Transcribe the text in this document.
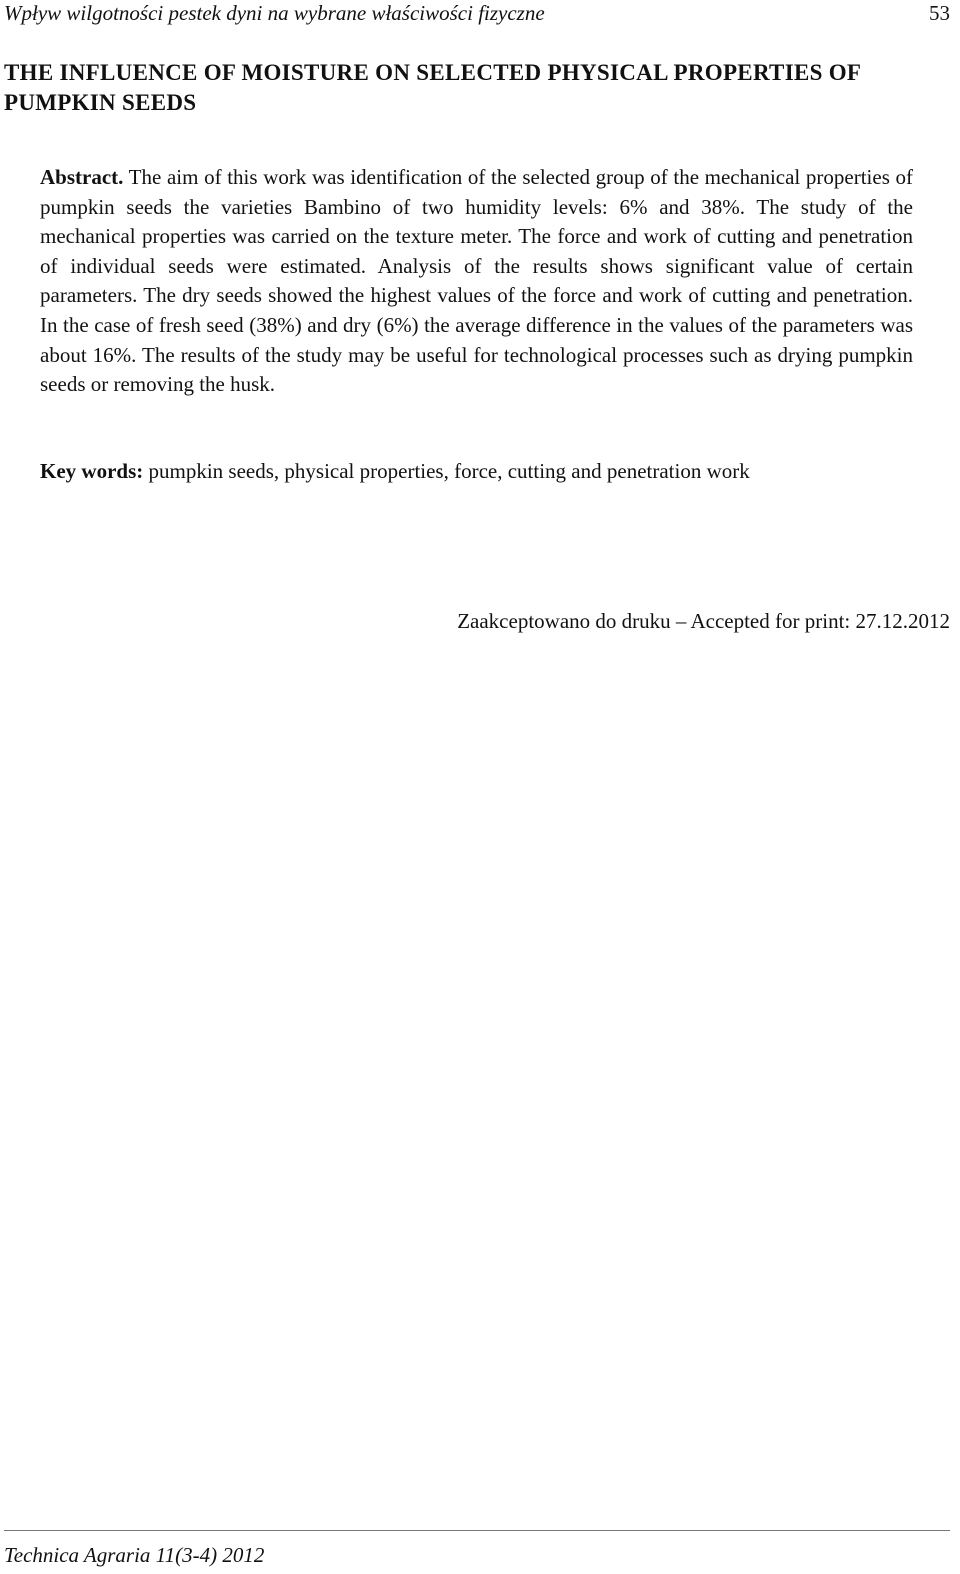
Wpływ wilgotności pestek dyni na wybrane właściwości fizyczne	53
THE INFLUENCE OF MOISTURE ON SELECTED PHYSICAL PROPERTIES OF PUMPKIN SEEDS

Abstract. The aim of this work was identification of the selected group of the mechanical properties of pumpkin seeds the varieties Bambino of two humidity levels: 6% and 38%. The study of the mechanical properties was carried on the texture meter. The force and work of cutting and penetration of individual seeds were estimated. Analysis of the results shows significant value of certain parameters. The dry seeds showed the highest values of the force and work of cutting and penetration. In the case of fresh seed (38%) and dry (6%) the average difference in the values of the parameters was about 16%. The results of the study may be useful for technological processes such as drying pumpkin seeds or removing the husk.

Key words: pumpkin seeds, physical properties, force, cutting and penetration work

Zaakceptowano do druku – Accepted for print: 27.12.2012
Technica Agraria 11(3-4) 2012
